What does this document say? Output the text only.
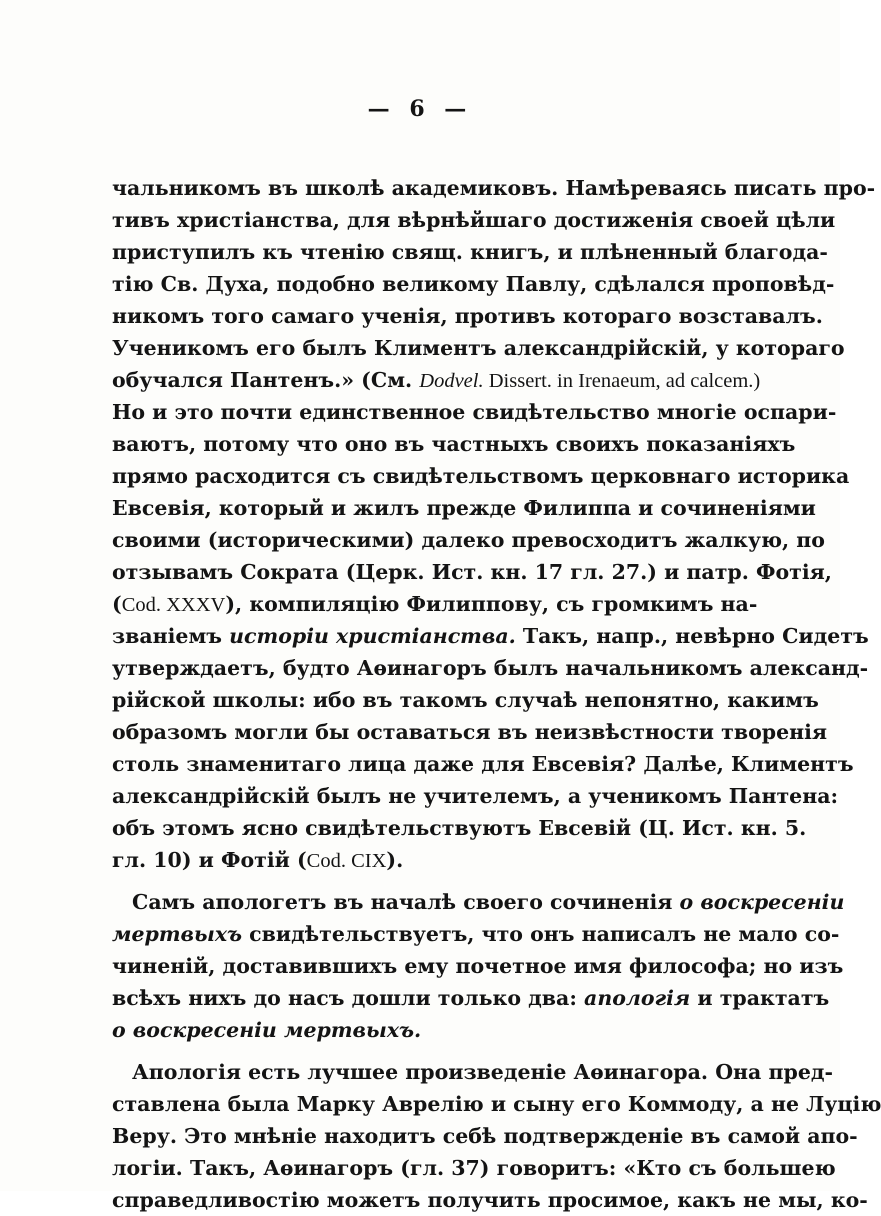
— 6 —
чальникомъ въ школѣ академиковъ. Намѣреваясь писать про-
тивъ христіанства, для вѣрнѣйшаго достиженія своей цѣли
приступилъ къ чтенію свящ. книгъ, и плѣненный благода-
тію Св. Духа, подобно великому Павлу, сдѣлался проповѣд-
никомъ того самаго ученія, противъ котораго возставалъ.
Ученикомъ его былъ Климентъ александрійскій, у котораго
обучался Пантенъ.» (См. Dodvel. Dissert. in Irenaeum, ad calcem.)
Но и это почти единственное свидѣтельство многіе оспари-
ваютъ, потому что оно въ частныхъ своихъ показаніяхъ
прямо расходится съ свидѣтельствомъ церковнаго историка
Евсевія, который и жилъ прежде Филиппа и сочиненіями
своими (историческими) далеко превосходитъ жалкую, по
отзывамъ Сократа (Церк. Ист. кн. 17 гл. 27.) и патр. Фотія,
(Cod. XXXV), компиляцію Филиппову, съ громкимъ на-
званіемъ исторіи христіанства. Такъ, напр., невѣрно Сидетъ
утверждаетъ, будто Аѳинагоръ былъ начальникомъ александ-
рійской школы: ибо въ такомъ случаѣ непонятно, какимъ
образомъ могли бы оставаться въ неизвѣстности творенія
столь знаменитаго лица даже для Евсевія? Далѣе, Климентъ
александрійскій былъ не учителемъ, а ученикомъ Пантена:
объ этомъ ясно свидѣтельствуютъ Евсевій (Ц. Ист. кн. 5.
гл. 10) и Фотій (Cod. CIX).
Самъ апологетъ въ началѣ своего сочиненія о воскресеніи
мертвыхъ свидѣтельствуетъ, что онъ написалъ не мало со-
чиненій, доставившихъ ему почетное имя философа; но изъ
всѣхъ нихъ до насъ дошли только два: апологія и трактатъ
о воскресеніи мертвыхъ.
Апологія есть лучшее произведеніе Аѳинагора. Она пред-
ставлена была Марку Аврелію и сыну его Коммоду, а не Луцію
Веру. Это мнѣніе находитъ себѣ подтвержденіе въ самой апо-
логіи. Такъ, Аѳинагоръ (гл. 37) говоритъ: «Кто съ большею
справедливостію можетъ получить просимое, какъ не мы, ко-
